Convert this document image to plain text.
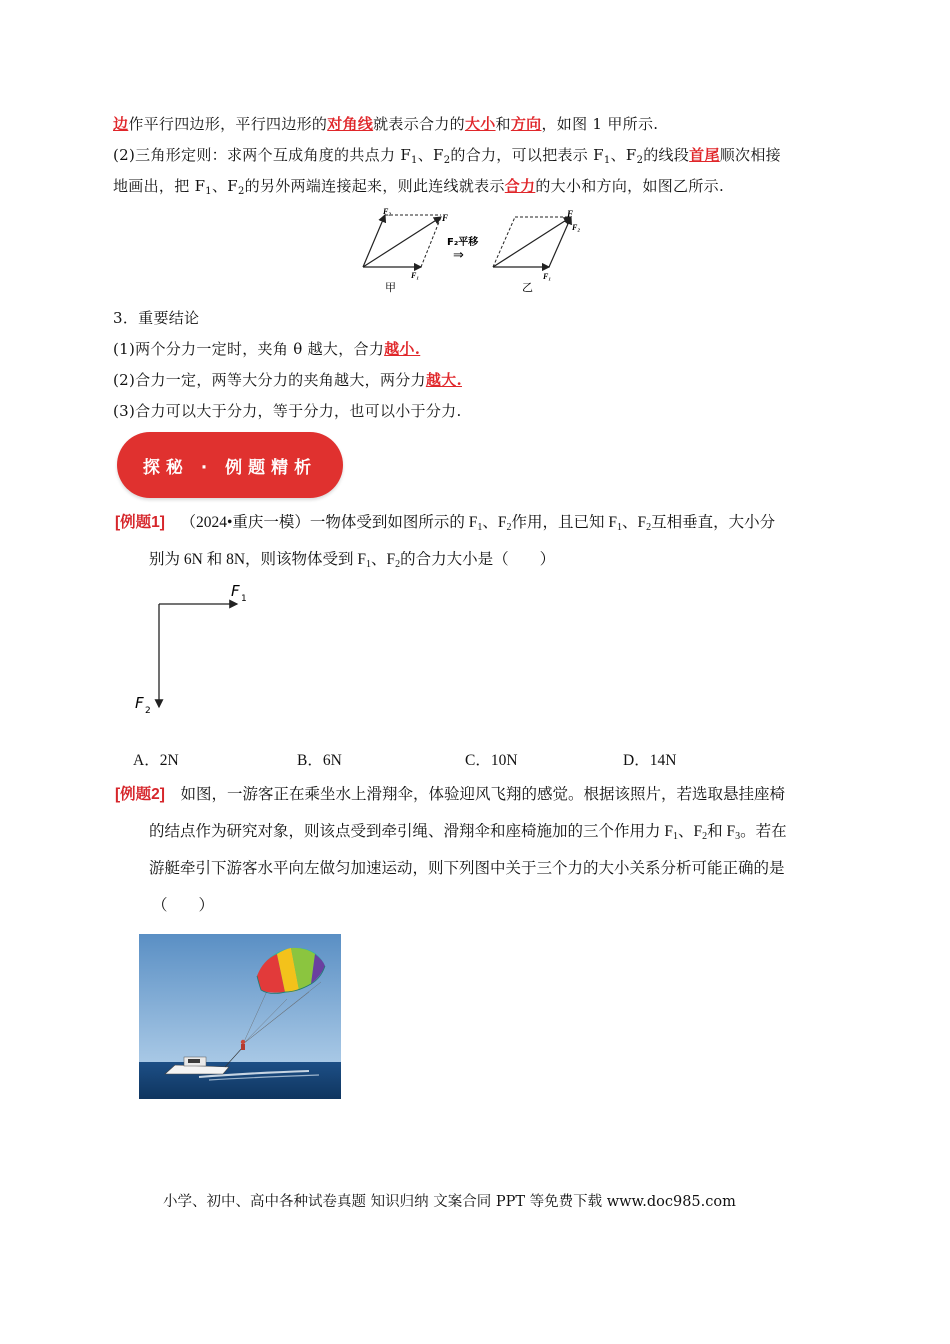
边作平行四边形，平行四边形的对角线就表示合力的大小和方向，如图 1 甲所示.
(2)三角形定则：求两个互成角度的共点力 $F_1$、$F_2$的合力，可以把表示 $F_1$、$F_2$的线段首尾顺次相接
地画出，把 $F_1$、$F_2$的另外两端连接起来，则此连线就表示合力的大小和方向，如图乙所示.
F₂
F
F₁
甲
F₂平移
⇒
F
F₂
F₁
乙
3．重要结论
(1)两个分力一定时，夹角 θ 越大，合力越小.
(2)合力一定，两等大分力的夹角越大，两分力越大.
(3)合力可以大于分力，等于分力，也可以小于分力.
探秘 · 例题精析
[例题1] （2024•重庆一模）一物体受到如图所示的 $F_1$、$F_2$作用，且已知 $F_1$、$F_2$互相垂直，大小分
别为 6N 和 8N，则该物体受到 $F_1$、$F_2$的合力大小是（　　）
F 1
F 2
A．2N	B．6N	C．10N	D．14N
[例题2] 如图，一游客正在乘坐水上滑翔伞，体验迎风飞翔的感觉。根据该照片，若选取悬挂座椅
的结点作为研究对象，则该点受到牵引绳、滑翔伞和座椅施加的三个作用力 $F_1$、$F_2$和 $F_3$。若在
游艇牵引下游客水平向左做匀加速运动，则下列图中关于三个力的大小关系分析可能正确的是
（　　）
小学、初中、高中各种试卷真题 知识归纳 文案合同 PPT 等免费下载 www.doc985.com
